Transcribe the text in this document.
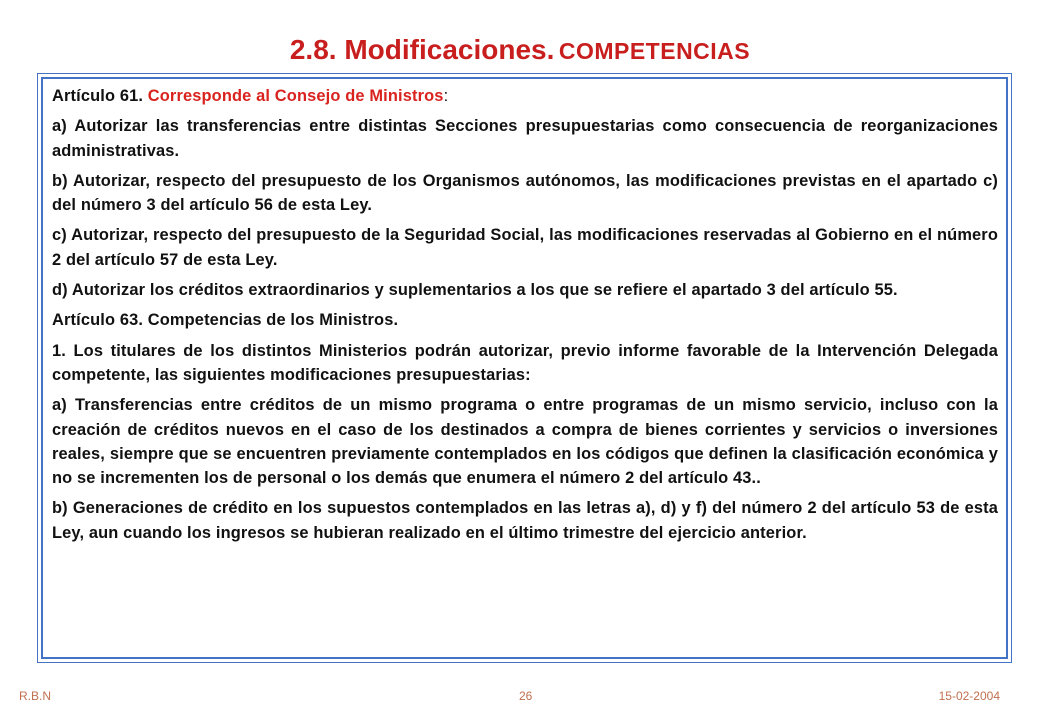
2.8. Modificaciones. COMPETENCIAS

Artículo 61. Corresponde al Consejo de Ministros:

a) Autorizar las transferencias entre distintas Secciones presupuestarias como consecuencia de reorganizaciones administrativas.

b) Autorizar, respecto del presupuesto de los Organismos autónomos, las modificaciones previstas en el apartado c) del número 3 del artículo 56 de esta Ley.

c) Autorizar, respecto del presupuesto de la Seguridad Social, las modificaciones reservadas al Gobierno en el número 2 del artículo 57 de esta Ley.

d) Autorizar los créditos extraordinarios y suplementarios a los que se refiere el apartado 3 del artículo 55.

Artículo 63. Competencias de los Ministros.

1. Los titulares de los distintos Ministerios podrán autorizar, previo informe favorable de la Intervención Delegada competente, las siguientes modificaciones presupuestarias:

a) Transferencias entre créditos de un mismo programa o entre programas de un mismo servicio, incluso con la creación de créditos nuevos en el caso de los destinados a compra de bienes corrientes y servicios o inversiones reales, siempre que se encuentren previamente contemplados en los códigos que definen la clasificación económica y no se incrementen los de personal o los demás que enumera el número 2 del artículo 43..

b) Generaciones de crédito en los supuestos contemplados en las letras a), d) y f) del número 2 del artículo 53 de esta Ley, aun cuando los ingresos se hubieran realizado en el último trimestre del ejercicio anterior.

R.B.N	26	15-02-2004
